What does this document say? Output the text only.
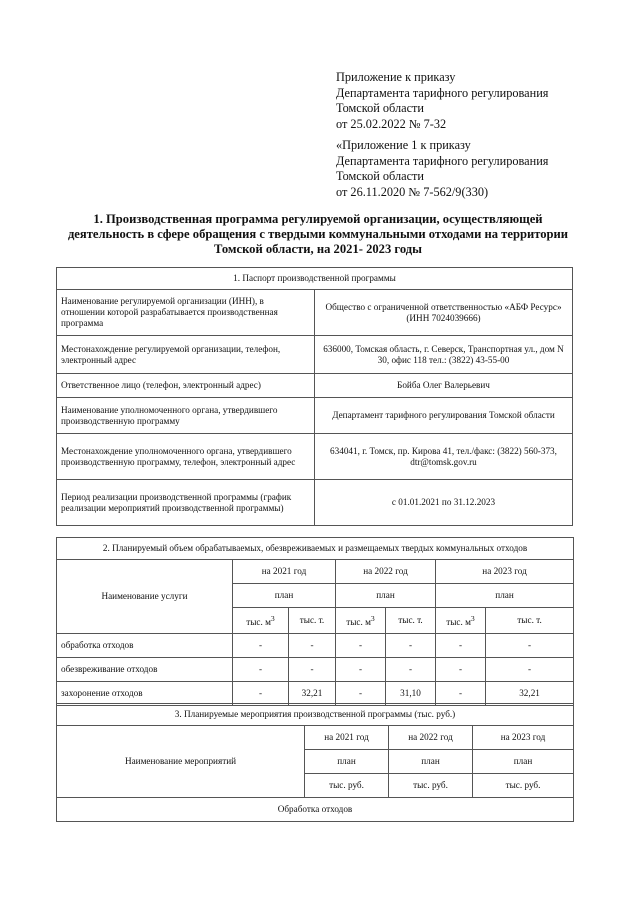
Приложение к приказу
Департамента тарифного регулирования
Томской области
от 25.02.2022 № 7-32
«Приложение 1 к приказу
Департамента тарифного регулирования
Томской области
от 26.11.2020 № 7-562/9(330)
1. Производственная программа регулируемой организации, осуществляющей деятельность в сфере обращения с твердыми коммунальными отходами на территории Томской области, на 2021- 2023 годы
1. Паспорт производственной программы	
Наименование регулируемой организации (ИНН), в отношении которой разрабатывается производственная программа	Общество с ограниченной ответственностью «АБФ Ресурс» (ИНН 7024039666)
Местонахождение регулируемой организации, телефон, электронный адрес	636000, Томская область, г. Северск, Транспортная ул., дом N 30, офис 118 тел.: (3822) 43-55-00
Ответственное лицо (телефон, электронный адрес)	Бойба Олег Валерьевич
Наименование уполномоченного органа, утвердившего производственную программу	Департамент тарифного регулирования Томской области
Местонахождение уполномоченного органа, утвердившего производственную программу, телефон, электронный адрес	634041, г. Томск, пр. Кирова 41, тел./факс: (3822) 560-373, dtr@tomsk.gov.ru
Период реализации производственной программы (график реализации мероприятий производственной программы)	с 01.01.2021 по 31.12.2023
2. Планируемый объем обрабатываемых, обезвреживаемых и размещаемых твердых коммунальных отходов						
Наименование услуги	на 2021 год		на 2022 год		на 2023 год	
	план		план		план	
	тыс. $м^3$	тыс. т.	тыс. $м^3$	тыс. т.	тыс. $м^3$	тыс. т.
обработка отходов	-	-	-	-	-	-
обезвреживание отходов	-	-	-	-	-	-
захоронение отходов	-	32,21	-	31,10	-	32,21
3. Планируемые мероприятия производственной программы (тыс. руб.)			
Наименование мероприятий	на 2021 год	на 2022 год	на 2023 год
	план	план	план
	тыс. руб.	тыс. руб.	тыс. руб.
Обработка отходов			
